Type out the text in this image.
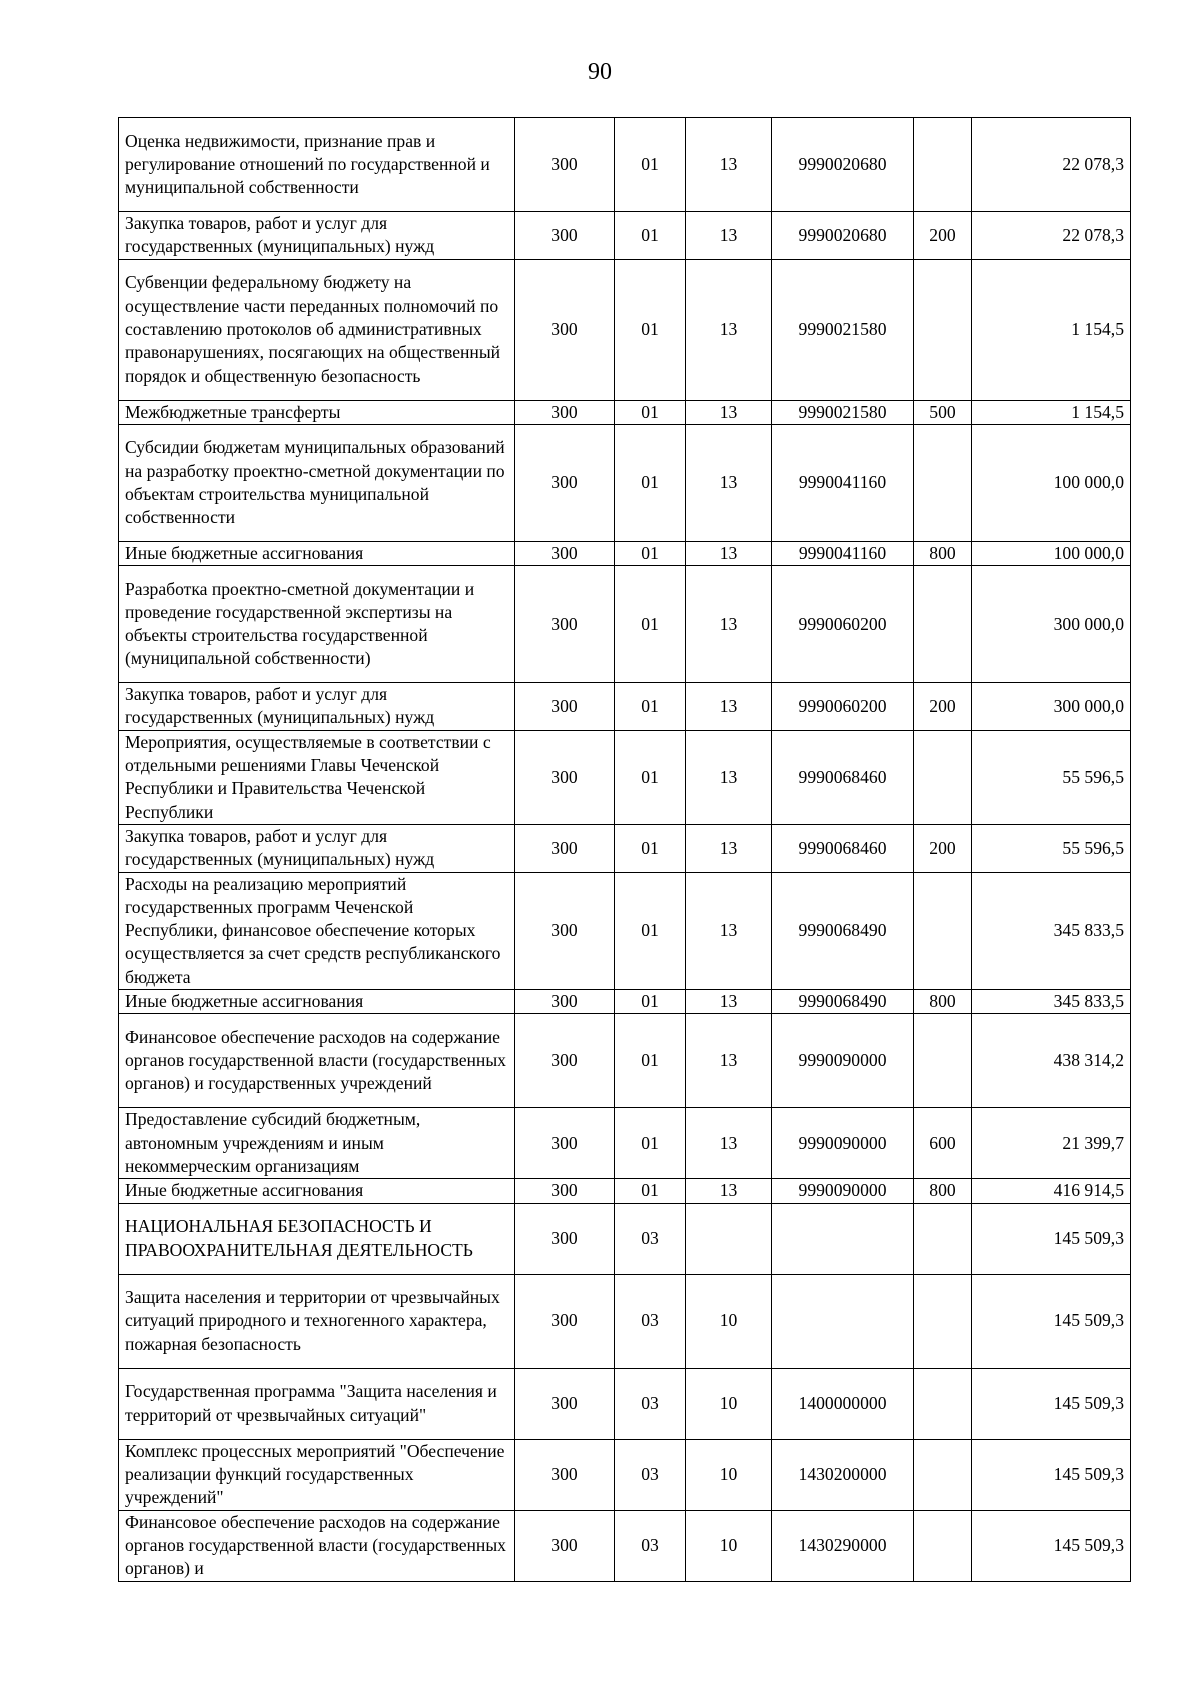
90
Оценка недвижимости, признание прав и регулирование отношений по государственной и муниципальной собственности	300	01	13	9990020680		22 078,3
Закупка товаров, работ и услуг для государственных (муниципальных) нужд	300	01	13	9990020680	200	22 078,3
Субвенции федеральному бюджету на осуществление части переданных полномочий по составлению протоколов об административных правонарушениях, посягающих на общественный порядок и общественную безопасность	300	01	13	9990021580		1 154,5
Межбюджетные трансферты	300	01	13	9990021580	500	1 154,5
Субсидии бюджетам муниципальных образований на разработку проектно-сметной документации по объектам строительства муниципальной собственности	300	01	13	9990041160		100 000,0
Иные бюджетные ассигнования	300	01	13	9990041160	800	100 000,0
Разработка проектно-сметной документации и проведение государственной экспертизы на объекты строительства государственной (муниципальной собственности)	300	01	13	9990060200		300 000,0
Закупка товаров, работ и услуг для государственных (муниципальных) нужд	300	01	13	9990060200	200	300 000,0
Мероприятия, осуществляемые в соответствии с отдельными решениями Главы Чеченской Республики и Правительства Чеченской Республики	300	01	13	9990068460		55 596,5
Закупка товаров, работ и услуг для государственных (муниципальных) нужд	300	01	13	9990068460	200	55 596,5
Расходы на реализацию мероприятий государственных программ Чеченской Республики, финансовое обеспечение которых осуществляется за счет средств республиканского бюджета	300	01	13	9990068490		345 833,5
Иные бюджетные ассигнования	300	01	13	9990068490	800	345 833,5
Финансовое обеспечение расходов на содержание органов государственной власти (государственных органов) и государственных учреждений	300	01	13	9990090000		438 314,2
Предоставление субсидий бюджетным, автономным учреждениям и иным некоммерческим организациям	300	01	13	9990090000	600	21 399,7
Иные бюджетные ассигнования	300	01	13	9990090000	800	416 914,5
НАЦИОНАЛЬНАЯ БЕЗОПАСНОСТЬ И ПРАВООХРАНИТЕЛЬНАЯ ДЕЯТЕЛЬНОСТЬ	300	03				145 509,3
Защита населения и территории от чрезвычайных ситуаций природного и техногенного характера, пожарная безопасность	300	03	10			145 509,3
Государственная программа "Защита населения и территорий от чрезвычайных ситуаций"	300	03	10	1400000000		145 509,3
Комплекс процессных мероприятий "Обеспечение реализации функций государственных учреждений"	300	03	10	1430200000		145 509,3
Финансовое обеспечение расходов на содержание органов государственной власти (государственных органов) и	300	03	10	1430290000		145 509,3
